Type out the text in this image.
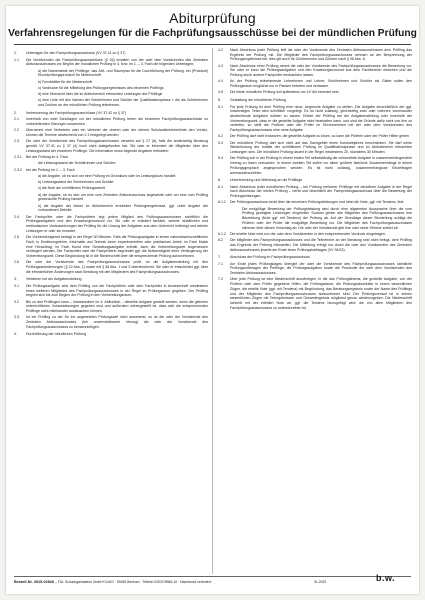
Abiturprüfung
Verfahrensregelungen für die Fachprüfungsausschüsse bei der mündlichen Prüfung
1.	Unterlagen für den Fachprüfungsausschuss (VV 37.41 zu § 37)
1.1	Die Vorsitzenden der Fachprüfungsausschüsse (§ 26) erhalten von der oder dem Vorsitzenden des Zentralen Abiturausschusses vor Beginn der mündlichen Prüfung in 4. bzw. im 1. – 3. Fach die folgenden Unterlagen:
a) die Namensliste der Prüflinge, das Zeit- und Raumplan für die Durchführung der Prüfung, ein (Protokoll) Einzelprüfungsprotokoll für Niederschrift
b) Formblätter für die Niederschrift
c) Vordrucke für die Mitteilung des Prüfungsergebnisses des einzelnen Prüflings
d) eine Übersicht über die im Abiturbereich erbrachten Leistungen der Prüflinge
e) eine Liste mit den Namen der Schülerinnen und Schüler der Qualifikationsphase I, die als Zuhörerinnen und Zuhörer an der mündlichen Prüfung teilnehmen.
2.	Verbesserung der Fachprüfungsausschüsse (VV 37.42 zu § 37)
2.1	Innerhalb von zwei Schultagen vor der mündlichen Prüfung treten die einzelnen Fachprüfungsausschüsse zu vorbereitenden Sitzungen zusammen.
2.2	Übernimmt eine Vertreterin oder ein Vertreter der oberen oder der oberen Schulaufsichtsbehörde den Vorsitz, können die Termine abweichend von 2.1 festgelegt werden.
2.3	Die oder der Vorsitzende des Fachprüfungsausschusses verweist auf § 27 (8), falls die anderweitig Beratung gemäß VV 37.41 zu § 37 (4) noch nicht stattgefunden hat. Sie oder er informiert die Mitglieder über den Leistungsstand der einzelnen Prüflinge. Die Information muss folgende Angaben enthalten:
2.3.1	Bei der Prüfung im 4. Fach
die Leistungsstand der Schülerinnen und Schüler;
2.3.2	bei der Prüfung im 1. – 3. Fach
a) die Angabe, ob es sich um eine Prüfung im Grundkurs oder im Leistungskurs handelt
b) Leistungsstand der Schülerinnen und Schüler
c) die Note der schriftlichen Prüfungsarbeit
d) die Angabe, ob es sich um eine vom Zentralen Abiturausschuss angesetzte oder um eine vom Prüfling gewünschte Prüfung handelt
e) die Angabe der bisher im Abiturbereich erreichten Prüfungsergebnisse, ggf. unter Angabe der vorhandenen Defizite.
2.4	Der Fachprüfer oder die Fachprüferin legt jedem Mitglied des Prüfungsausschusses schriftlich die Prüfungsaufgaben und den Erwartungshorizont vor. Sie oder er erläutert fachlich, welche inhaltlichen und methodischen Voraussetzungen der Prüfling für die Lösung der Aufgaben aus dem Unterricht mitbringt und welche Leistungen er oder sie erwartet.
2.5	Die Vorbereitungszeit beträgt in der Regel 30 Minuten. Falls die Prüfungsaufgabe in einem naturwissenschaftlichen Fach, in Ernährungslehre, Informatik und Technik einen experimentellen oder praktischen Anteil, im Fach Musik eine Hörauftrag, im Fach Kunst eine Gestaltungsaufgabe enthält, kann die Vorbereitungszeit angemessen verlängert werden. Der Fachprüfer oder die Fachprüferin begründet ggf. die Notwendigkeit einer Verlängerung der Vorbereitungszeit. Diese Begründung ist in die Niederschrift über die entsprechende Prüfung aufzunehmen.
2.6	Die oder der Vorsitzende des Fachprüfungsausschusses prüft, ob die Aufgabenstellung mit den Prüfungsanforderungen (§ 22 Abs. 1) sowie mit § 38 Abs. 1 und 3 übereinstimmt. Sie oder er entscheidet ggf. über die erforderlichen Änderungen nach Beratung mit den Mitgliedern des Fachprüfungsausschusses.
3.	Verfahren bei der Aufgabenstellung
3.1	Die Prüfungsaufgabe wird dem Prüfling von der Fachprüferin oder dem Fachprüfer in Anwesenheit mindestens eines weiteren Mitgliedes des Fachprüfungsausschusses in der Regel im Prüfungsraum gegeben. Der Prüfling beginnt sich bis zum Beginn der Prüfung in den Vorbereitungsraum.
3.2	Bis zu drei Prüflingen kann – insbesondere im 4. Abiturfach – dieselbe Aufgabe gestellt werden, wenn die gleichen unterrichtlichen Voraussetzungen gegeben sind und außerdem sichergestellt ist, dass sich die entsprechenden Prüflinge nicht miteinander austauschen können.
3.3	Ist ein Prüfling zu der für ihn angesetzten Prüfungszeit nicht anwesend, so ist die oder der Vorsitzende des Zentralen Abiturausschusses (bei unvermeidbarem Verzug) die oder der Vorsitzende des Fachprüfungsausschusses zu benachrichtigen.
4.	Durchführung der mündlichen Prüfung
4.2	Nach Abschluss jeder Prüfung teilt die oder der Vorsitzende des Zentralen Abiturausschusses dem Prüfling das Ergebnis der Prüfung mit. Die Mitglieder des Fachprüfungsausschusses nehmen an der Besprechung der Prüfungsergebnisse teil, dies gilt auch für Zuhörerinnen und Zuhörer nach § 38 Abs. 6.
4.3	Nach Abschluss einer Prüfung nimmt die oder der Vorsitzende des Fachprüfungsausschusses die Bewertung vor. Sie oder er kann die Prüfungsaufgaben und den Erwartungshorizont aus dem Fachbereich einsehen und die Prüfung durch andere Fachprüfer beobachten lassen.
4.4	An der Prüfung teilnehmende Lehrerinnen und Lehrer, Schülerinnen und Schüler als Gäste sollen den Prüfungsraum möglichst nur in Pausen betreten und verlassen.
4.5	Die letzte mündliche Prüfung soll spätestens um 19 Uhr beendet sein.
5.	Gestaltung der mündlichen Prüfung
5.1	Für jede Prüfung ist dem Prüfling eine neue, begrenzte Aufgabe zu stellen. Die Aufgabe einschließlich der ggf. notwendigen Texte wird schriftlich vorgelegt. Es ist nicht zulässig, gleichzeitig zwei oder mehrere voneinander abweichende Aufgaben wählen zu lassen. Erklärt der Prüfling bei der Aufgabenstellung oder innerhalb der Vorbereitungszeit, dass er die gestellte Aufgabe nicht bearbeiten kann, und sind die Gründe dafür nicht von ihm zu vertreten, so stellt die Prüferin oder der Prüfer im Einvernehmen mit der oder dem Vorsitzenden des Fachprüfungsausschusses eine neue Aufgabe.
5.2	Der Prüfling darf nicht Instanzen, die gestellte Aufgabe zu lösen, so kann die Prüferin oder der Prüfer Hilfen geben.
5.3	Die mündliche Prüfung darf sich nicht auf das Sachgebiet eines Kurshalbjahres beschränken. Sie darf keine Wiederholung der Inhalte der schriftlichen Prüfung im Qualifikationsphase und im Abiturbereich erbrachten Leistungen sein. Die mündliche Prüfung dauert in der Regel mindestens 20, höchstens 30 Minuten.
5.4	Der Prüfling soll in der Prüfung in einem ersten Teil selbstständig die vorbereitete Aufgabe in zusammenhängendem Vortrag zu lösen versuchen. In einem zweiten Teil sollen vor allem größere fachliche Zusammenhänge in einem Prüfungsgespräch angesprochen werden. Es ist nicht zulässig, zusammenhanglose Einzelfragen aneinanderzureihen.
6.	Unterbrechung und Mitteilung an die Prüflinge
6.1	Nach Abschluss jeder mündlichen Prüfung – bei Prüfung mehrerer Prüflinge mit derselben Aufgabe in der Regel nach Abschluss der letzten Prüfung – berät und beschließt der Fachprüfungsausschuss über die Bewertung der Prüfungsleistungen.
6.1.1	Der Prüfungsausschuss berät über die einzelnen Prüfungsleistungen und setzt die Note, ggf. mit Tendenz, fest.
Die endgültige Bewertung der Prüfungsleistung wird durch eine allgemeine Aussprache über die vom Prüfling gezeigten Leistungen eingeleitet. Sodann geben alle Mitglieder des Prüfungsausschusses ihre Beurteilung (Note ggf. mit Tendenz) der Prüfung ab. Auf der Grundlage dieser Beurteilung schlägt die Prüferin oder der Prüfer die endgültige Bewertung vor. Die Mitglieder des Fachprüfungsausschusses stimmen über diesen Vorschlag ab. Die oder der Vorsitzende gibt ihre oder seine Stimme zuletzt ab.
6.1.2	Die erteilte Note wird von der oder dem Vorsitzenden in den entsprechenden Vordruck eingetragen.
6.2	Die Mitglieder des Fachprüfungsausschusses und die Teilnehmer an der Beratung sind nicht befugt, dem Prüfling das Ergebnis der Prüfung mitzuteilen. Die Mitteilung erfolgt nur durch die oder den Vorsitzenden des Zentralen Abiturausschusses jeweils am Ende eines Prüfungshalbtages (VV 38.53).
7.	Abschluss der Prüfung im Fachprüfungsausschuss
7.1	Am Ende jedes Prüfungstages übergibt der oder die Vorsitzende des Fachprüfungsausschusses sämtliche Prüfungsunterlagen der Prüflinge, die Prüfungsaufgaben sowie die Protokolle der oder dem Vorsitzenden des Zentralen Abiturausschusses.
7.2	Über jede Prüfung ist eine Niederschrift anzufertigen, in die das Prüfungsthema, die gestellte Aufgabe, von der Prüferin oder dem Prüfer gegebene Hilfen, die Prüfungsdauer, die Prüfungsabschnitte in einem wesentlichen Zügen, die erteilte Note (ggf. mit Tendenz) mit Begründung, das Beratungsergebnis sowie der Name des Prüflings und der Mitglieder des Fachprüfungsausschusses aufzunehmen sind. Der Prüfungsverlauf ist in seinen wesentlichen Zügen mit Teilergebnissen und Gesamtergebnis möglichst genau wiederzugeben. Die Niederschrift schließt mit der erteilten Note ab; ggf. die Tendenz hinzugefügt wird, die von allen Mitgliedern des Fachprüfungsausschusses zu unterschreiben ist.
Bestell-Nr. 3015-02826 – F&L Schulorganisation GmbH+CoKG · 59269 Beckum · Telefon 02521/9966-10 · Nachdruck verboten!	01.2022	b.w.
